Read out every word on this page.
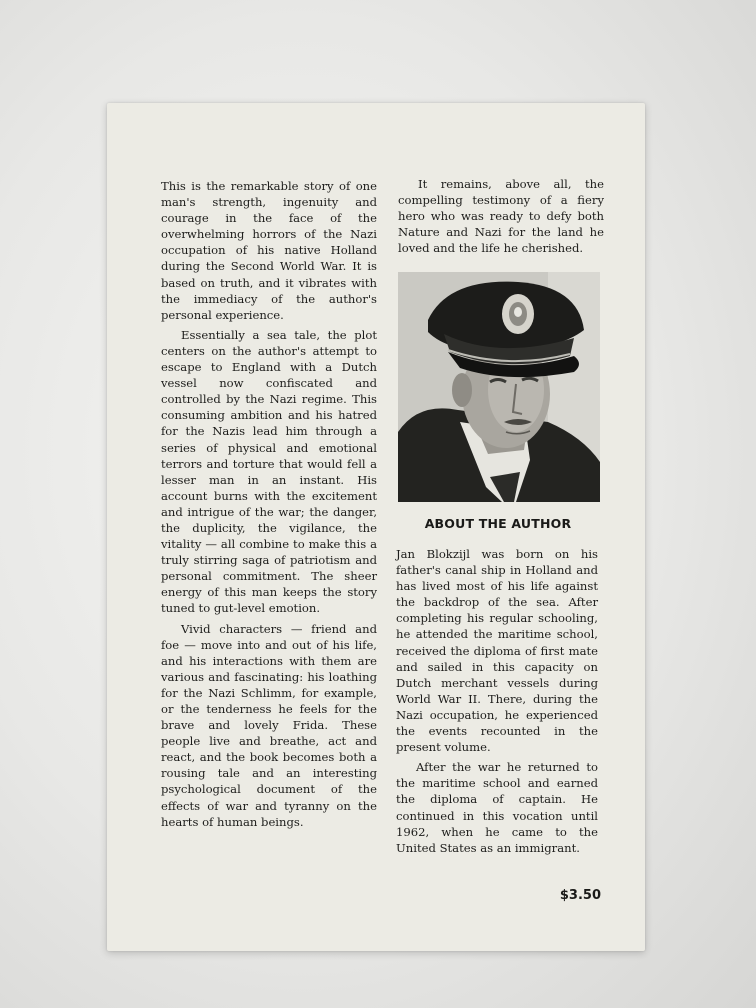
This is the remarkable story of one man's strength, ingenuity and courage in the face of the overwhelming horrors of the Nazi occupation of his native Holland during the Second World War. It is based on truth, and it vibrates with the immediacy of the author's personal experience.

Essentially a sea tale, the plot centers on the author's attempt to escape to England with a Dutch vessel now confiscated and controlled by the Nazi regime. This consuming ambition and his hatred for the Nazis lead him through a series of physical and emotional terrors and torture that would fell a lesser man in an instant. His account burns with the excitement and intrigue of the war; the danger, the duplicity, the vigilance, the vitality — all combine to make this a truly stirring saga of patriotism and personal commitment. The sheer energy of this man keeps the story tuned to gut-level emotion.

Vivid characters — friend and foe — move into and out of his life, and his interactions with them are various and fascinating: his loathing for the Nazi Schlimm, for example, or the tenderness he feels for the brave and lovely Frida. These people live and breathe, act and react, and the book becomes both a rousing tale and an interesting psychological document of the effects of war and tyranny on the hearts of human beings.

It remains, above all, the compelling testimony of a fiery hero who was ready to defy both Nature and Nazi for the land he loved and the life he cherished.

ABOUT THE AUTHOR

Jan Blokzijl was born on his father's canal ship in Holland and has lived most of his life against the backdrop of the sea. After completing his regular schooling, he attended the maritime school, received the diploma of first mate and sailed in this capacity on Dutch merchant vessels during World War II. There, during the Nazi occupation, he experienced the events recounted in the present volume.

After the war he returned to the maritime school and earned the diploma of captain. He continued in this vocation until 1962, when he came to the United States as an immigrant.

$3.50
